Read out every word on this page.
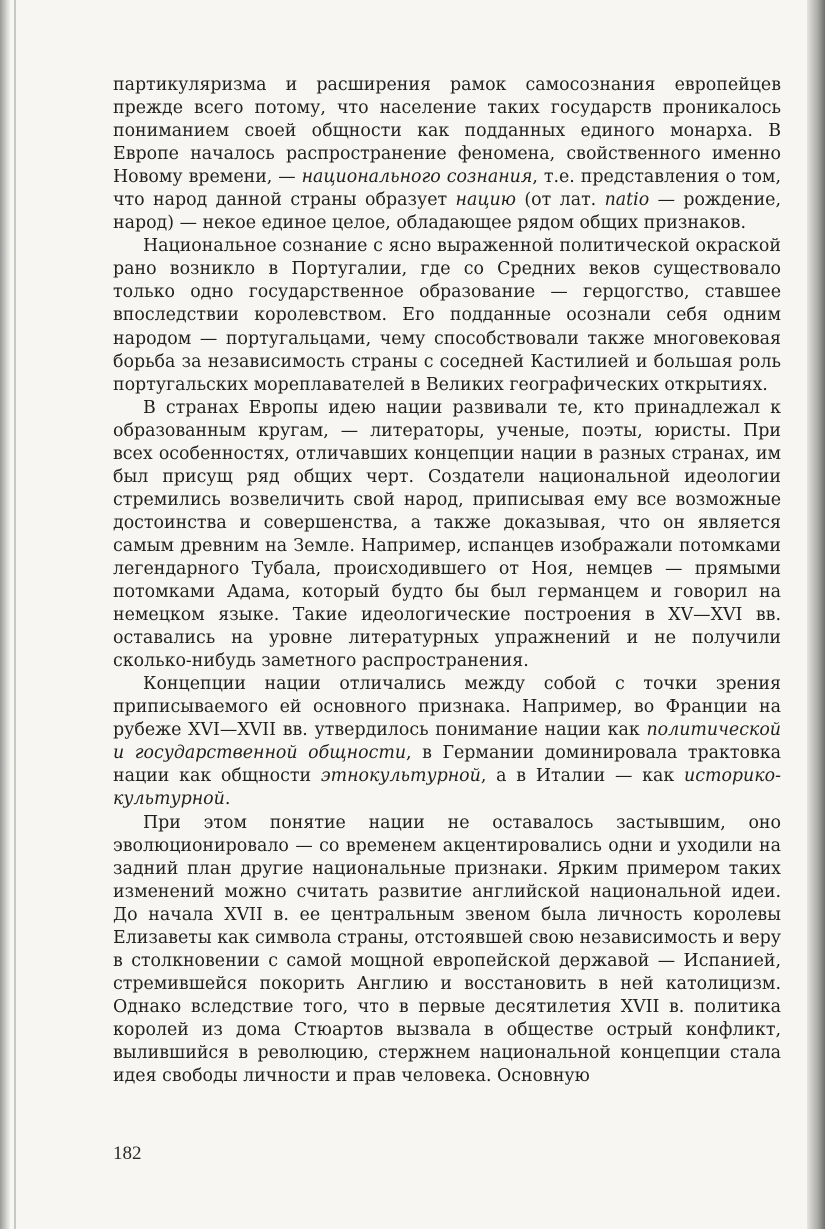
партикуляризма и расширения рамок самосознания европейцев прежде всего потому, что население таких государств проникалось пониманием своей общности как подданных единого монарха. В Европе началось распространение феномена, свойственного именно Новому времени, — национального сознания, т.е. представления о том, что народ данной страны образует нацию (от лат. natio — рождение, народ) — некое единое целое, обладающее рядом общих признаков.

Национальное сознание с ясно выраженной политической окраской рано возникло в Португалии, где со Средних веков существовало только одно государственное образование — герцогство, ставшее впоследствии королевством. Его подданные осознали себя одним народом — португальцами, чему способствовали также многовековая борьба за независимость страны с соседней Кастилией и большая роль португальских мореплавателей в Великих географических открытиях.

В странах Европы идею нации развивали те, кто принадлежал к образованным кругам, — литераторы, ученые, поэты, юристы. При всех особенностях, отличавших концепции нации в разных странах, им был присущ ряд общих черт. Создатели национальной идеологии стремились возвеличить свой народ, приписывая ему все возможные достоинства и совершенства, а также доказывая, что он является самым древним на Земле. Например, испанцев изображали потомками легендарного Тубала, происходившего от Ноя, немцев — прямыми потомками Адама, который будто бы был германцем и говорил на немецком языке. Такие идеологические построения в XV—XVI вв. оставались на уровне литературных упражнений и не получили сколько-нибудь заметного распространения.

Концепции нации отличались между собой с точки зрения приписываемого ей основного признака. Например, во Франции на рубеже XVI—XVII вв. утвердилось понимание нации как политической и государственной общности, в Германии доминировала трактовка нации как общности этнокультурной, а в Италии — как историко-культурной.

При этом понятие нации не оставалось застывшим, оно эволюционировало — со временем акцентировались одни и уходили на задний план другие национальные признаки. Ярким примером таких изменений можно считать развитие английской национальной идеи. До начала XVII в. ее центральным звеном была личность королевы Елизаветы как символа страны, отстоявшей свою независимость и веру в столкновении с самой мощной европейской державой — Испанией, стремившейся покорить Англию и восстановить в ней католицизм. Однако вследствие того, что в первые десятилетия XVII в. политика королей из дома Стюартов вызвала в обществе острый конфликт, вылившийся в революцию, стержнем национальной концепции стала идея свободы личности и прав человека. Основную

182
